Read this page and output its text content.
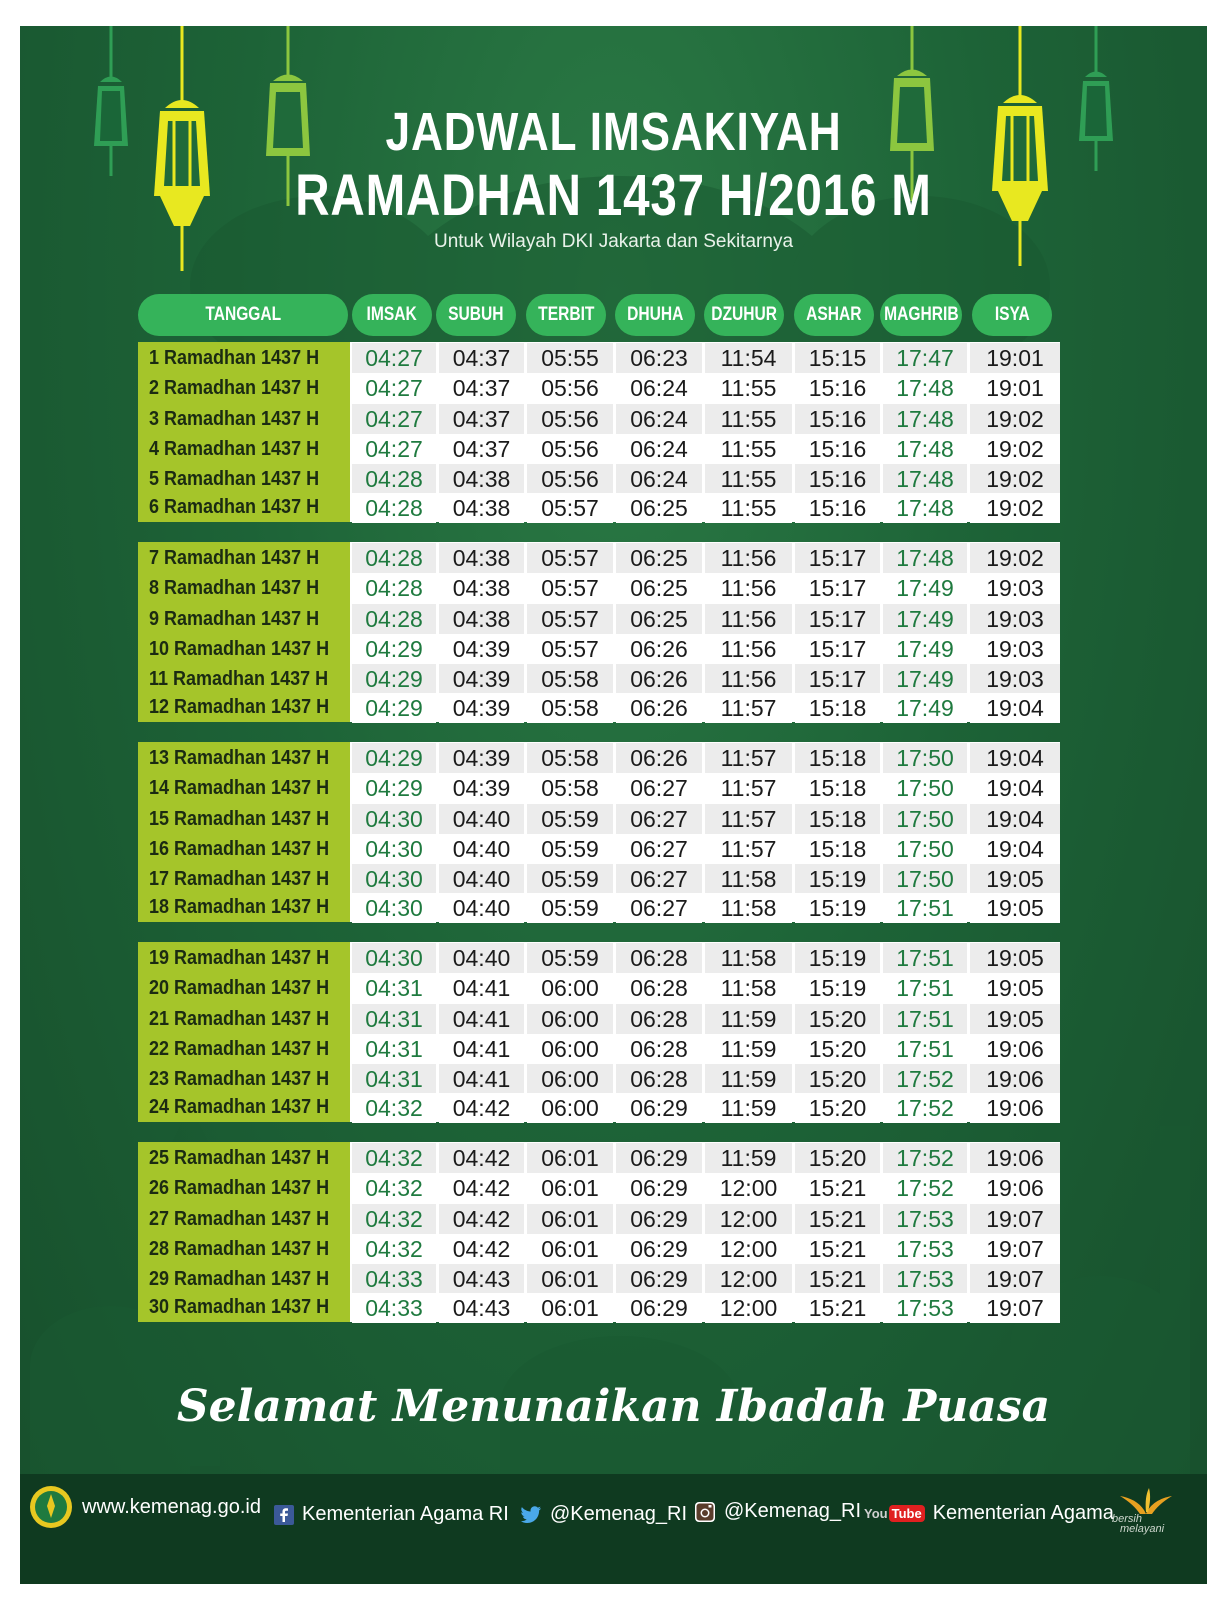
JADWAL IMSAKIYAH
RAMADHAN 1437 H/2016 M
Untuk Wilayah DKI Jakarta dan Sekitarnya
TANGGAL	IMSAK SUBUH TERBIT DHUHA DZUHUR ASHAR MAGHRIB ISYA
Selamat Menunaikan Ibadah Puasa
1 Ramadhan 1437 H 04:27 04:37 05:55 06:23 11:54 15:15 17:47 19:01
2 Ramadhan 1437 H 04:27 04:37 05:56 06:24 11:55 15:16 17:48 19:01
3 Ramadhan 1437 H 04:27 04:37 05:56 06:24 11:55 15:16 17:48 19:02
4 Ramadhan 1437 H 04:27 04:37 05:56 06:24 11:55 15:16 17:48 19:02
5 Ramadhan 1437 H 04:28 04:38 05:56 06:24 11:55 15:16 17:48 19:02
6 Ramadhan 1437 H 04:28 04:38 05:57 06:25 11:55 15:16 17:48 19:02
7 Ramadhan 1437 H 04:28 04:38 05:57 06:25 11:56 15:17 17:48 19:02
8 Ramadhan 1437 H 04:28 04:38 05:57 06:25 11:56 15:17 17:49 19:03
9 Ramadhan 1437 H 04:28 04:38 05:57 06:25 11:56 15:17 17:49 19:03
10 Ramadhan 1437 H 04:29 04:39 05:57 06:26 11:56 15:17 17:49 19:03
11 Ramadhan 1437 H 04:29 04:39 05:58 06:26 11:56 15:17 17:49 19:03
12 Ramadhan 1437 H 04:29 04:39 05:58 06:26 11:57 15:18 17:49 19:04
13 Ramadhan 1437 H 04:29 04:39 05:58 06:26 11:57 15:18 17:50 19:04
14 Ramadhan 1437 H 04:29 04:39 05:58 06:27 11:57 15:18 17:50 19:04
15 Ramadhan 1437 H 04:30 04:40 05:59 06:27 11:57 15:18 17:50 19:04
16 Ramadhan 1437 H 04:30 04:40 05:59 06:27 11:57 15:18 17:50 19:04
17 Ramadhan 1437 H 04:30 04:40 05:59 06:27 11:58 15:19 17:50 19:05
18 Ramadhan 1437 H 04:30 04:40 05:59 06:27 11:58 15:19 17:51 19:05
19 Ramadhan 1437 H 04:30 04:40 05:59 06:28 11:58 15:19 17:51 19:05
20 Ramadhan 1437 H 04:31 04:41 06:00 06:28 11:58 15:19 17:51 19:05
21 Ramadhan 1437 H 04:31 04:41 06:00 06:28 11:59 15:20 17:51 19:05
22 Ramadhan 1437 H 04:31 04:41 06:00 06:28 11:59 15:20 17:51 19:06
23 Ramadhan 1437 H 04:31 04:41 06:00 06:28 11:59 15:20 17:52 19:06
24 Ramadhan 1437 H 04:32 04:42 06:00 06:29 11:59 15:20 17:52 19:06
25 Ramadhan 1437 H 04:32 04:42 06:01 06:29 11:59 15:20 17:52 19:06
26 Ramadhan 1437 H 04:32 04:42 06:01 06:29 12:00 15:21 17:52 19:06
27 Ramadhan 1437 H 04:32 04:42 06:01 06:29 12:00 15:21 17:53 19:07
28 Ramadhan 1437 H 04:32 04:42 06:01 06:29 12:00 15:21 17:53 19:07
29 Ramadhan 1437 H 04:33 04:43 06:01 06:29 12:00 15:21 17:53 19:07
30 Ramadhan 1437 H 04:33 04:43 06:01 06:29 12:00 15:21 17:53 19:07
www.kemenag.go.id Kementerian Agama RI @Kemenag_RI @Kemenag_RI You Tube Kementerian Agama
bersih
melayani
